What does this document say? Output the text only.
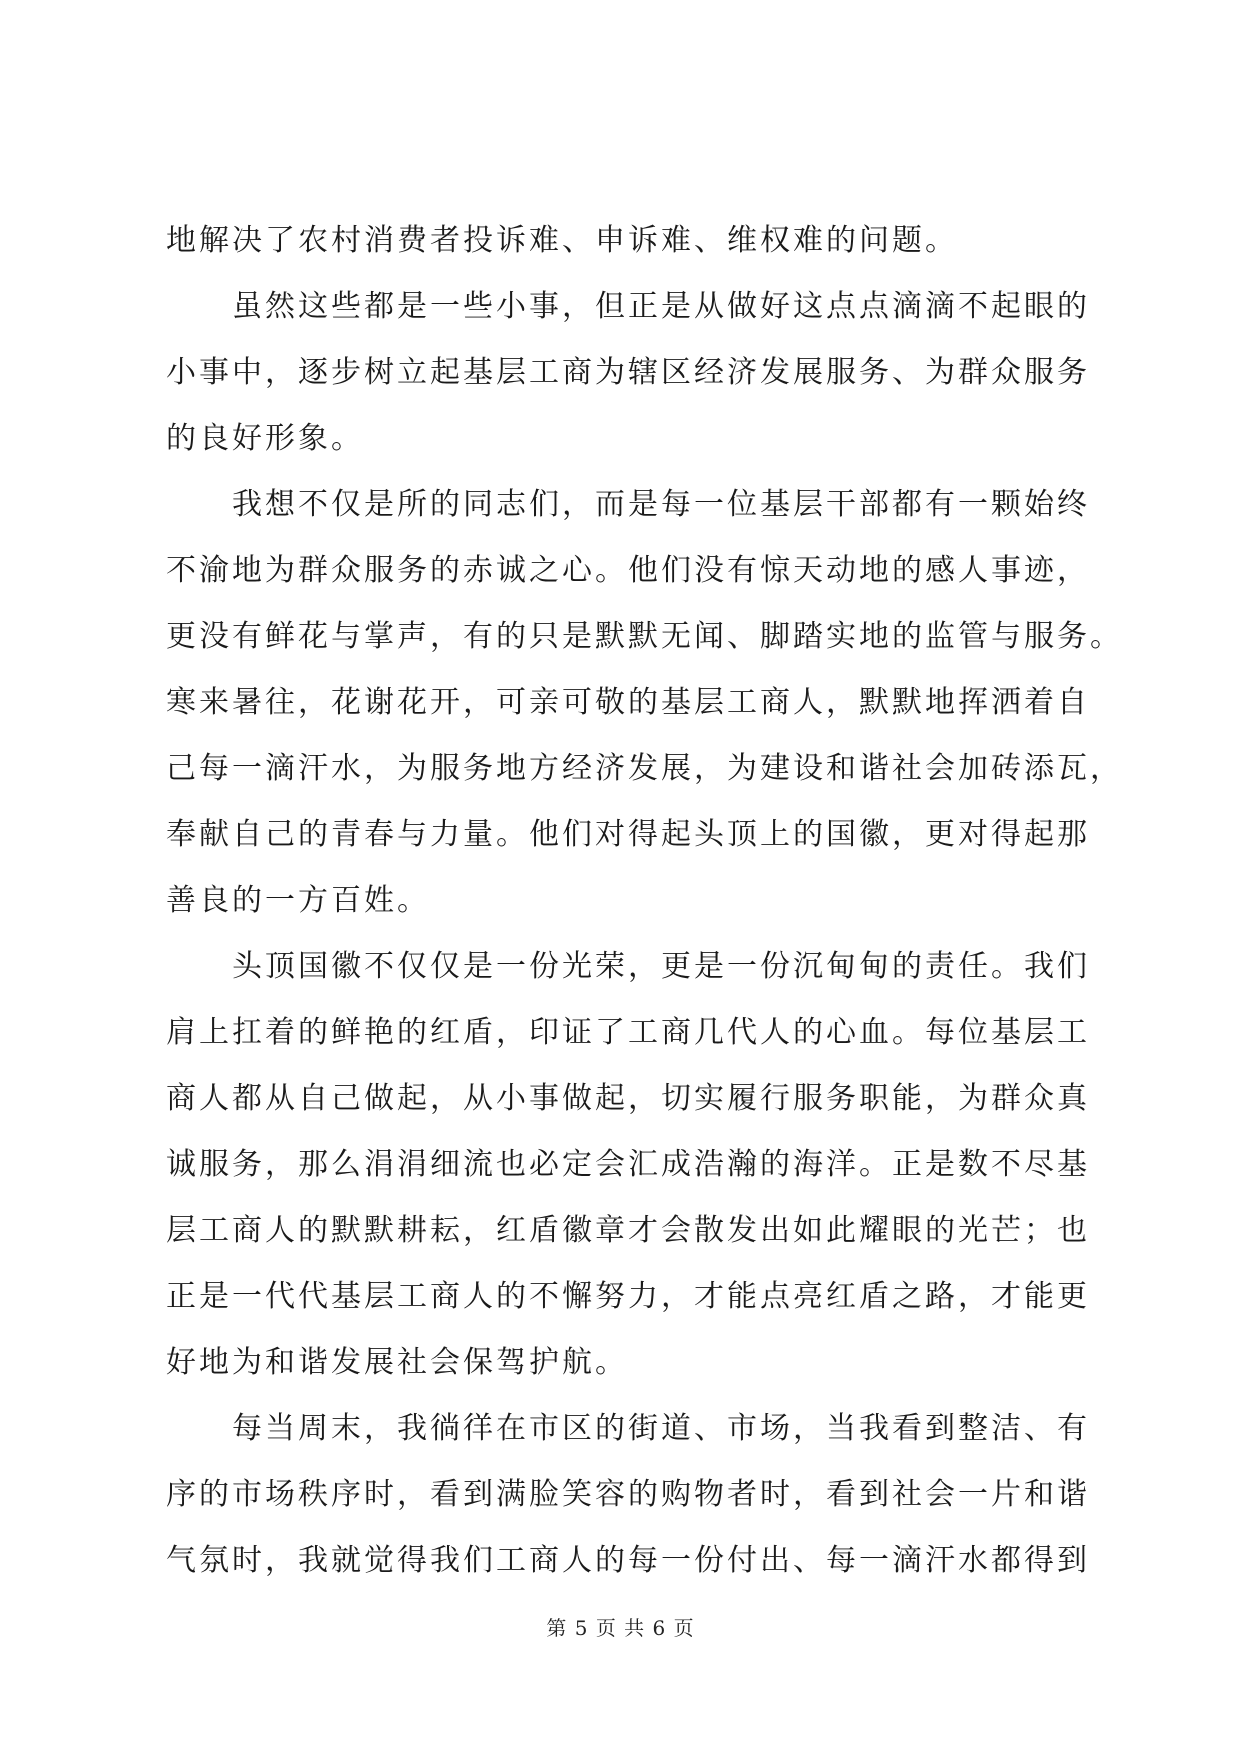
地解决了农村消费者投诉难、申诉难、维权难的问题。
虽然这些都是一些小事，但正是从做好这点点滴滴不起眼的
小事中，逐步树立起基层工商为辖区经济发展服务、为群众服务
的良好形象。
我想不仅是所的同志们，而是每一位基层干部都有一颗始终
不渝地为群众服务的赤诚之心。他们没有惊天动地的感人事迹，
更没有鲜花与掌声，有的只是默默无闻、脚踏实地的监管与服务。
寒来暑往，花谢花开，可亲可敬的基层工商人，默默地挥洒着自
己每一滴汗水，为服务地方经济发展，为建设和谐社会加砖添瓦，
奉献自己的青春与力量。他们对得起头顶上的国徽，更对得起那
善良的一方百姓。
头顶国徽不仅仅是一份光荣，更是一份沉甸甸的责任。我们
肩上扛着的鲜艳的红盾，印证了工商几代人的心血。每位基层工
商人都从自己做起，从小事做起，切实履行服务职能，为群众真
诚服务，那么涓涓细流也必定会汇成浩瀚的海洋。正是数不尽基
层工商人的默默耕耘，红盾徽章才会散发出如此耀眼的光芒；也
正是一代代基层工商人的不懈努力，才能点亮红盾之路，才能更
好地为和谐发展社会保驾护航。
每当周末，我徜徉在市区的街道、市场，当我看到整洁、有
序的市场秩序时，看到满脸笑容的购物者时，看到社会一片和谐
气氛时，我就觉得我们工商人的每一份付出、每一滴汗水都得到
第 5 页 共 6 页
